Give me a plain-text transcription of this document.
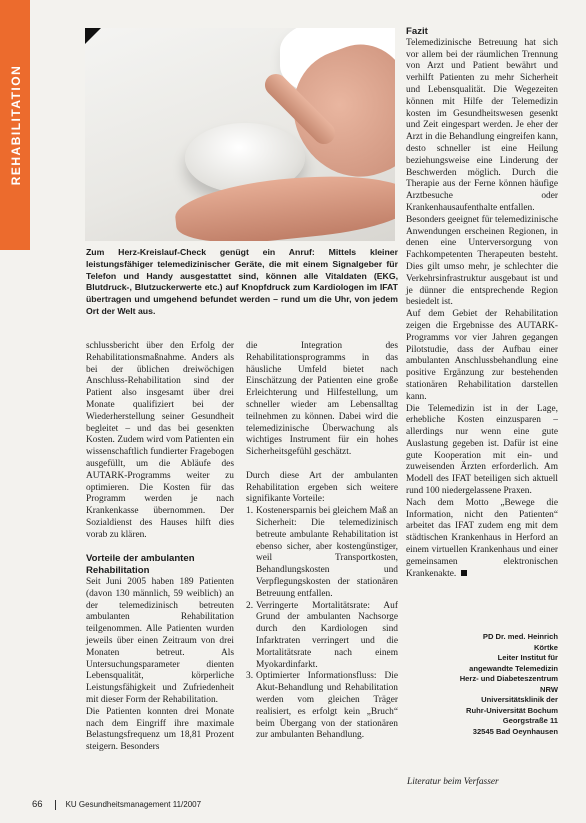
REHABILITATION

Zum Herz-Kreislauf-Check genügt ein Anruf: Mittels kleiner leistungsfähiger telemedizinischer Geräte, die mit einem Signalgeber für Telefon und Handy ausgestattet sind, können alle Vitaldaten (EKG, Blutdruck-, Blutzuckerwerte etc.) auf Knopfdruck zum Kardiologen im IFAT übertragen und umgehend befundet werden – rund um die Uhr, von jedem Ort der Welt aus.

schlussbericht über den Erfolg der Rehabilitationsmaßnahme. Anders als bei der üblichen dreiwöchigen Anschluss-Rehabilitation sind der Patient also insgesamt über drei Monate qualifiziert bei der Wiederherstellung seiner Gesundheit begleitet – und das bei gesenkten Kosten. Zudem wird vom Patienten ein wissenschaftlich fundierter Fragebogen ausgefüllt, um die Abläufe des AUTARK-Programms weiter zu optimieren. Die Kosten für das Programm werden je nach Krankenkasse übernommen. Der Sozialdienst des Hauses hilft dies vorab zu klären.

Vorteile der ambulanten Rehabilitation

Seit Juni 2005 haben 189 Patienten (davon 130 männlich, 59 weiblich) an der telemedizinisch betreuten ambulanten Rehabilitation teilgenommen. Alle Patienten wurden jeweils über einen Zeitraum von drei Monaten betreut. Als Untersuchungsparameter dienten Lebensqualität, körperliche Leistungsfähigkeit und Zufriedenheit mit dieser Form der Rehabilitation.

Die Patienten konnten drei Monate nach dem Eingriff ihre maximale Belastungsfrequenz um 18,81 Prozent steigern. Besonders

die Integration des Rehabilitationsprogramms in das häusliche Umfeld bietet nach Einschätzung der Patienten eine große Erleichterung und Hilfestellung, um schneller wieder am Lebensalltag teilnehmen zu können. Dabei wird die telemedizinische Überwachung als wichtiges Instrument für ein hohes Sicherheitsgefühl geschätzt.

Durch diese Art der ambulanten Rehabilitation ergeben sich weitere signifikante Vorteile:

1. Kostenersparnis bei gleichem Maß an Sicherheit: Die telemedizinisch betreute ambulante Rehabilitation ist ebenso sicher, aber kostengünstiger, weil Transportkosten, Behandlungskosten und Verpflegungskosten der stationären Betreuung entfallen.
2. Verringerte Mortalitätsrate: Auf Grund der ambulanten Nachsorge durch den Kardiologen sind Infarktraten verringert und die Mortalitätsrate nach einem Myokardinfarkt.
3. Optimierter Informationsfluss: Die Akut-Behandlung und Rehabilitation werden vom gleichen Träger realisiert, es erfolgt kein „Bruch“ beim Übergang von der stationären zur ambulanten Behandlung.
Fazit

Telemedizinische Betreuung hat sich vor allem bei der räumlichen Trennung von Arzt und Patient bewährt und verhilft Patienten zu mehr Sicherheit und Lebensqualität. Die Wegezeiten können mit Hilfe der Telemedizin kosten im Gesundheitswesen gesenkt und Zeit eingespart werden. Je eher der Arzt in die Behandlung eingreifen kann, desto schneller ist eine Heilung beziehungsweise eine Linderung der Beschwerden möglich. Durch die Therapie aus der Ferne können häufige Arztbesuche oder Krankenhausaufenthalte entfallen.

Besonders geeignet für telemedizinische Anwendungen erscheinen Regionen, in denen eine Unterversorgung von Fachkompetenten Therapeuten besteht. Dies gilt umso mehr, je schlechter die Verkehrsinfrastruktur ausgebaut ist und je dünner die entsprechende Region besiedelt ist.

Auf dem Gebiet der Rehabilitation zeigen die Ergebnisse des AUTARK-Programms vor vier Jahren gegangen Pilotstudie, dass der Aufbau einer ambulanten Anschlussbehandlung eine positive Ergänzung zur bestehenden stationären Rehabilitation darstellen kann.

Die Telemedizin ist in der Lage, erhebliche Kosten einzusparen – allerdings nur wenn eine gute Auslastung gegeben ist. Dafür ist eine gute Kooperation mit ein- und zuweisenden Ärzten erforderlich. Am Modell des IFAT beteiligen sich aktuell rund 100 niedergelassene Praxen.

Nach dem Motto „Bewege die Information, nicht den Patienten“ arbeitet das IFAT zudem eng mit dem städtischen Krankenhaus in Herford an einem virtuellen Krankenhaus und einer gemeinsamen elektronischen Krankenakte.

PD Dr. med. Heinrich Körtke
Leiter Institut für angewandte Telemedizin
Herz- und Diabeteszentrum NRW
Universitätsklinik der
Ruhr-Universität Bochum
Georgstraße 11
32545 Bad Oeynhausen
Literatur beim Verfasser
66	KU Gesundheitsmanagement 11/2007
